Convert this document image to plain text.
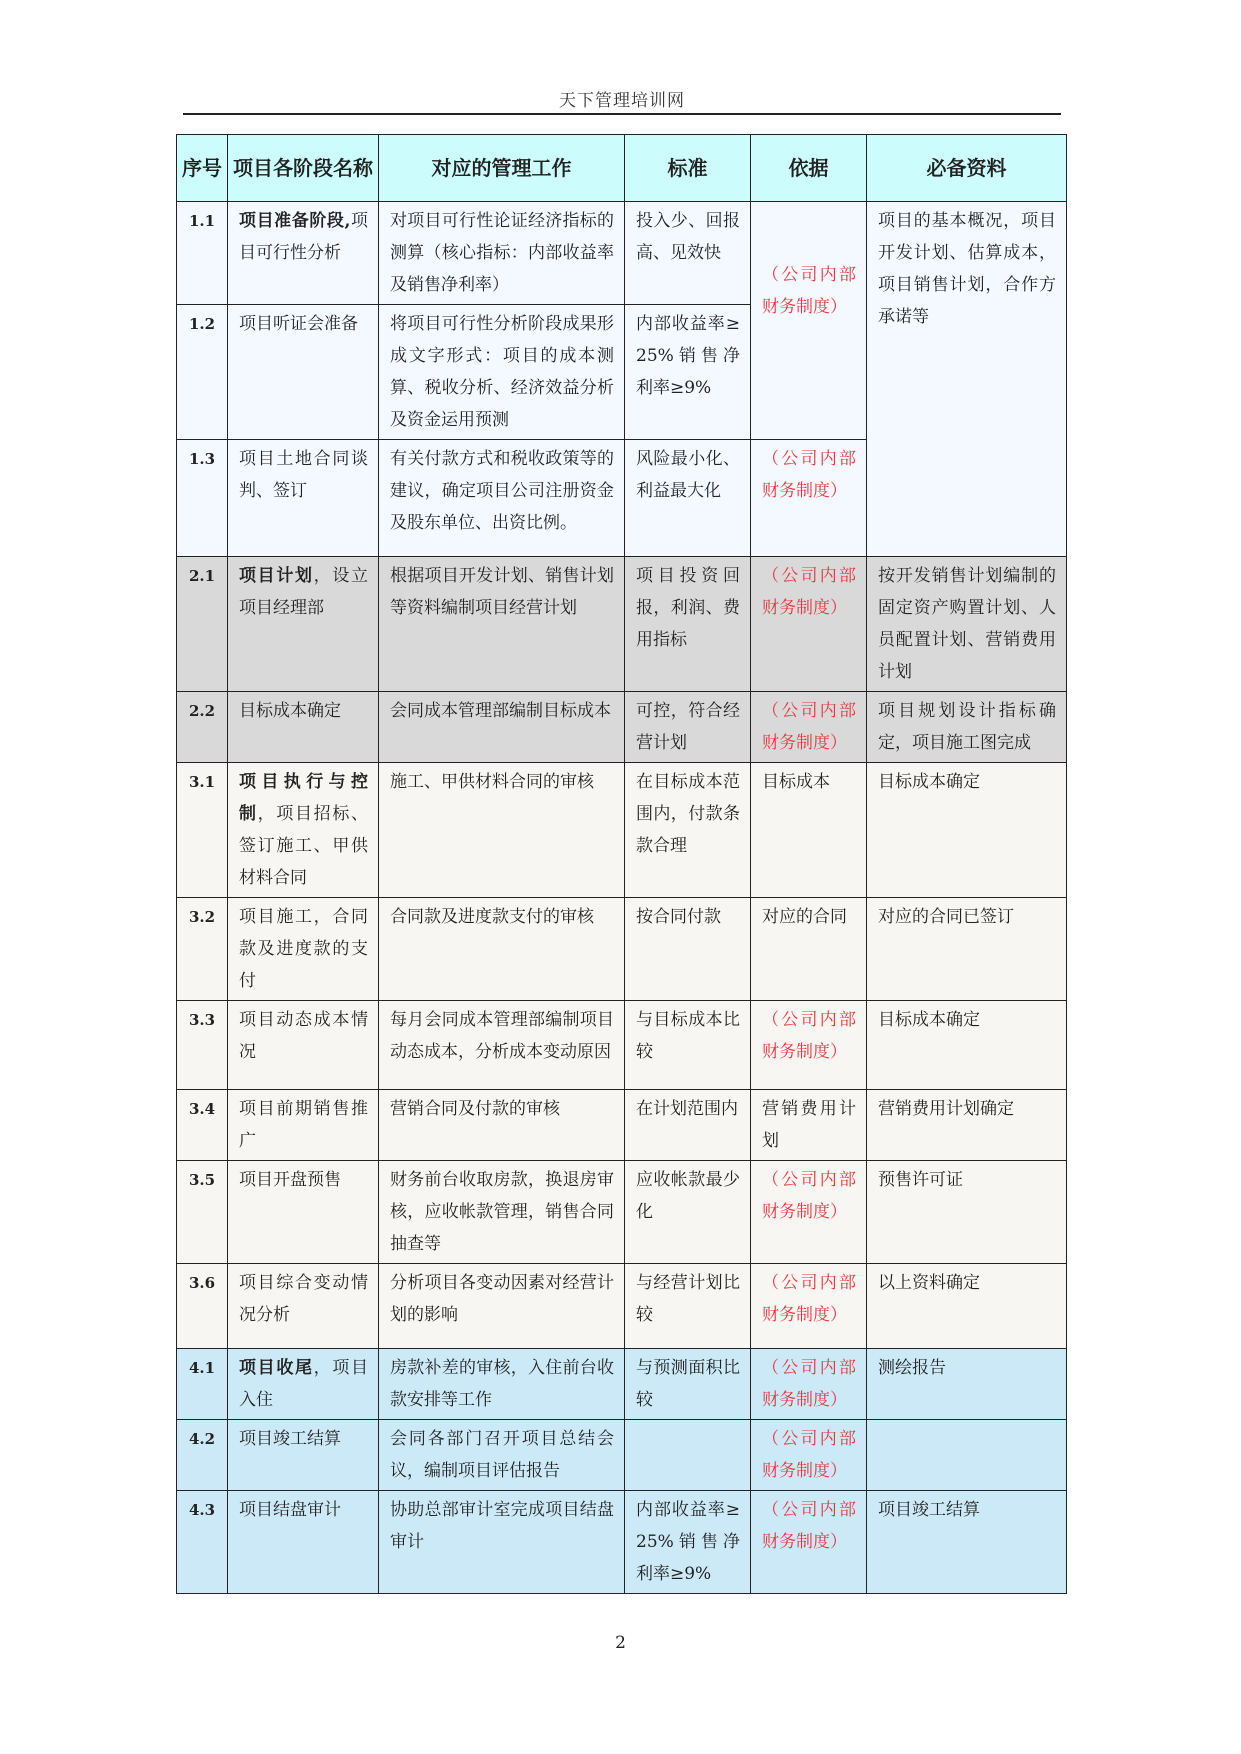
天下管理培训网
序号	项目各阶段名称	对应的管理工作	标准	依据	必备资料
1.1	项目准备阶段,项目可行性分析	对项目可行性论证经济指标的测算（核心指标：内部收益率及销售净利率）	投入少、回报高、见效快	（公司内部财务制度）	项目的基本概况，项目开发计划、估算成本，项目销售计划，合作方承诺等
1.2	项目听证会准备	将项目可行性分析阶段成果形成文字形式：项目的成本测算、税收分析、经济效益分析及资金运用预测	内部收益率≥25%销售净利率≥9%		
1.3	项目土地合同谈判、签订	有关付款方式和税收政策等的建议，确定项目公司注册资金及股东单位、出资比例。	风险最小化、利益最大化	（公司内部财务制度）	
2.1	项目计划，设立项目经理部	根据项目开发计划、销售计划等资料编制项目经营计划	项目投资回报，利润、费用指标	（公司内部财务制度）	按开发销售计划编制的固定资产购置计划、人员配置计划、营销费用计划
2.2	目标成本确定	会同成本管理部编制目标成本	可控，符合经营计划	（公司内部财务制度）	项目规划设计指标确定，项目施工图完成
3.1	项目执行与控制，项目招标、签订施工、甲供材料合同	施工、甲供材料合同的审核	在目标成本范围内，付款条款合理	目标成本	目标成本确定
3.2	项目施工，合同款及进度款的支付	合同款及进度款支付的审核	按合同付款	对应的合同	对应的合同已签订
3.3	项目动态成本情况	每月会同成本管理部编制项目动态成本，分析成本变动原因	与目标成本比较	（公司内部财务制度）	目标成本确定
3.4	项目前期销售推广	营销合同及付款的审核	在计划范围内	营销费用计划	营销费用计划确定
3.5	项目开盘预售	财务前台收取房款，换退房审核，应收帐款管理，销售合同抽查等	应收帐款最少化	（公司内部财务制度）	预售许可证
3.6	项目综合变动情况分析	分析项目各变动因素对经营计划的影响	与经营计划比较	（公司内部财务制度）	以上资料确定
4.1	项目收尾，项目入住	房款补差的审核，入住前台收款安排等工作	与预测面积比较	（公司内部财务制度）	测绘报告
4.2	项目竣工结算	会同各部门召开项目总结会议，编制项目评估报告		（公司内部财务制度）	
4.3	项目结盘审计	协助总部审计室完成项目结盘审计	内部收益率≥25%销售净利率≥9%	（公司内部财务制度）	项目竣工结算
2
